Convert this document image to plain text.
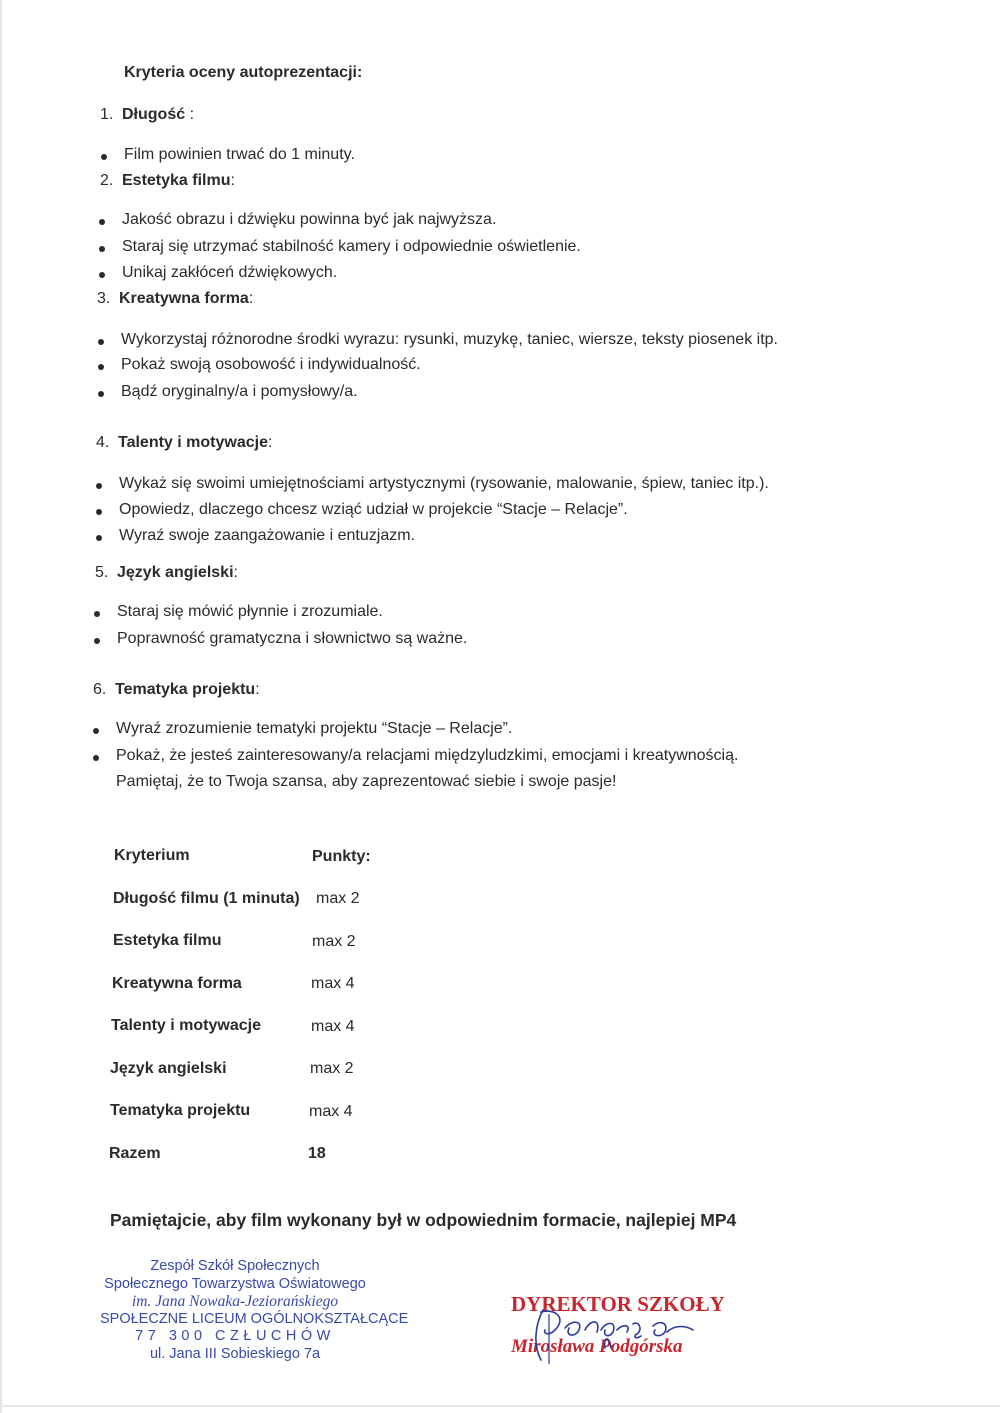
Kryteria oceny autoprezentacji:
1. Długość :
Film powinien trwać do 1 minuty.
2. Estetyka filmu:
Jakość obrazu i dźwięku powinna być jak najwyższa.
Staraj się utrzymać stabilność kamery i odpowiednie oświetlenie.
Unikaj zakłóceń dźwiękowych.
3. Kreatywna forma:
Wykorzystaj różnorodne środki wyrazu: rysunki, muzykę, taniec, wiersze, teksty piosenek itp.
Pokaż swoją osobowość i indywidualność.
Bądź oryginalny/a i pomysłowy/a.
4. Talenty i motywacje:
Wykaż się swoimi umiejętnościami artystycznymi (rysowanie, malowanie, śpiew, taniec itp.).
Opowiedz, dlaczego chcesz wziąć udział w projekcie “Stacje – Relacje”.
Wyraź swoje zaangażowanie i entuzjazm.
5. Język angielski:
Staraj się mówić płynnie i zrozumiale.
Poprawność gramatyczna i słownictwo są ważne.
6. Tematyka projektu:
Wyraź zrozumienie tematyki projektu “Stacje – Relacje”.
Pokaż, że jesteś zainteresowany/a relacjami międzyludzkimi, emocjami i kreatywnością.
Pamiętaj, że to Twoja szansa, aby zaprezentować siebie i swoje pasje!
Kryterium	Punkty:
Długość filmu (1 minuta) max 2
Estetyka filmu	max 2
Kreatywna forma	max 4
Talenty i motywacje	max 4
Język angielski	max 2
Tematyka projektu	max 4
Razem	18
Pamiętajcie, aby film wykonany był w odpowiednim formacie, najlepiej MP4
Zespół Szkół Społecznych
Społecznego Towarzystwa Oświatowego
im. Jana Nowaka-Jeziorańskiego
SPOŁECZNE LICEUM OGÓLNOKSZTAŁCĄCE
77 300 CZŁUCHÓW
ul. Jana III Sobieskiego 7a
DYREKTOR SZKOŁY
Mirosława Podgórska
